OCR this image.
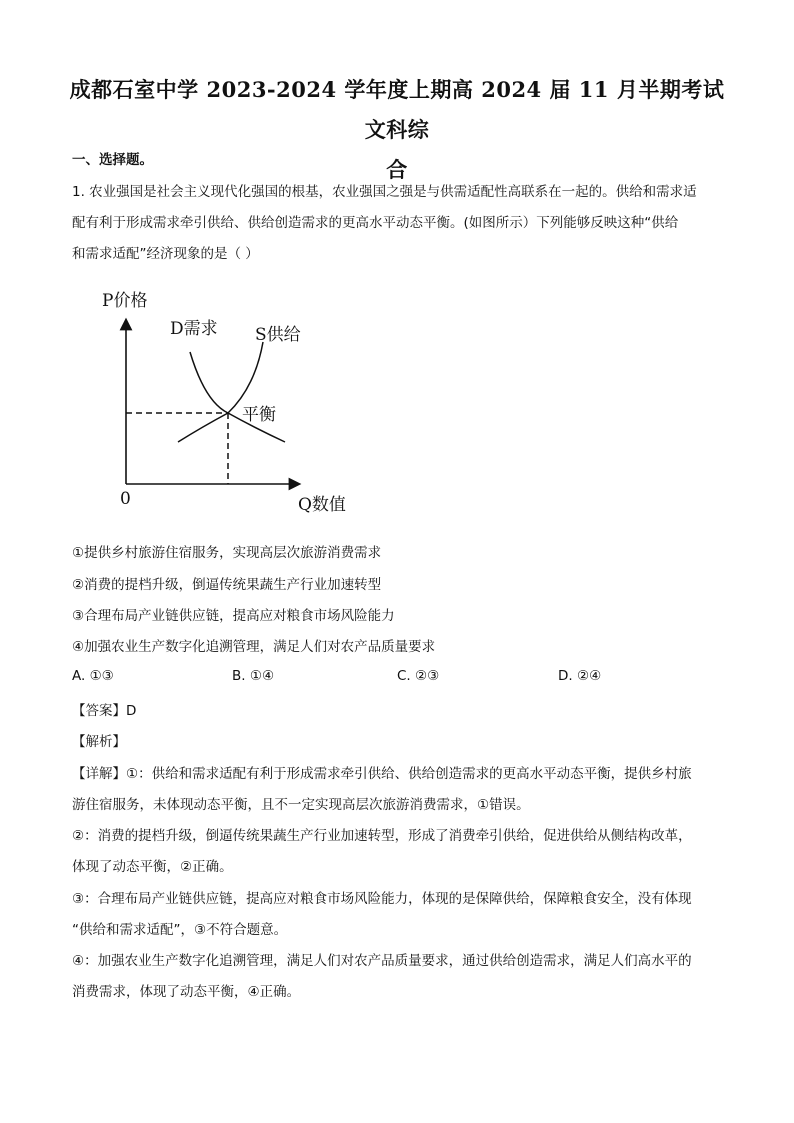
成都石室中学 2023-2024 学年度上期高 2024 届 11 月半期考试文科综
合
一、选择题。
1. 农业强国是社会主义现代化强国的根基，农业强国之强是与供需适配性高联系在一起的。供给和需求适
配有利于形成需求牵引供给、供给创造需求的更高水平动态平衡。(如图所示）下列能够反映这种“供给
和需求适配”经济现象的是（ ）
P价格
Q数值
0
D需求 S供给
平衡
①提供乡村旅游住宿服务，实现高层次旅游消费需求
②消费的提档升级，倒逼传统果蔬生产行业加速转型
③合理布局产业链供应链，提高应对粮食市场风险能力
④加强农业生产数字化追溯管理，满足人们对农产品质量要求
A. ①③	B. ①④	C. ②③	D. ②④
【答案】D
【解析】
【详解】①：供给和需求适配有利于形成需求牵引供给、供给创造需求的更高水平动态平衡，提供乡村旅
游住宿服务，未体现动态平衡，且不一定实现高层次旅游消费需求，①错误。
②：消费的提档升级，倒逼传统果蔬生产行业加速转型，形成了消费牵引供给，促进供给从侧结构改革，
体现了动态平衡，②正确。
③：合理布局产业链供应链，提高应对粮食市场风险能力，体现的是保障供给，保障粮食安全，没有体现
“供给和需求适配”，③不符合题意。
④：加强农业生产数字化追溯管理，满足人们对农产品质量要求，通过供给创造需求，满足人们高水平的
消费需求，体现了动态平衡，④正确。
